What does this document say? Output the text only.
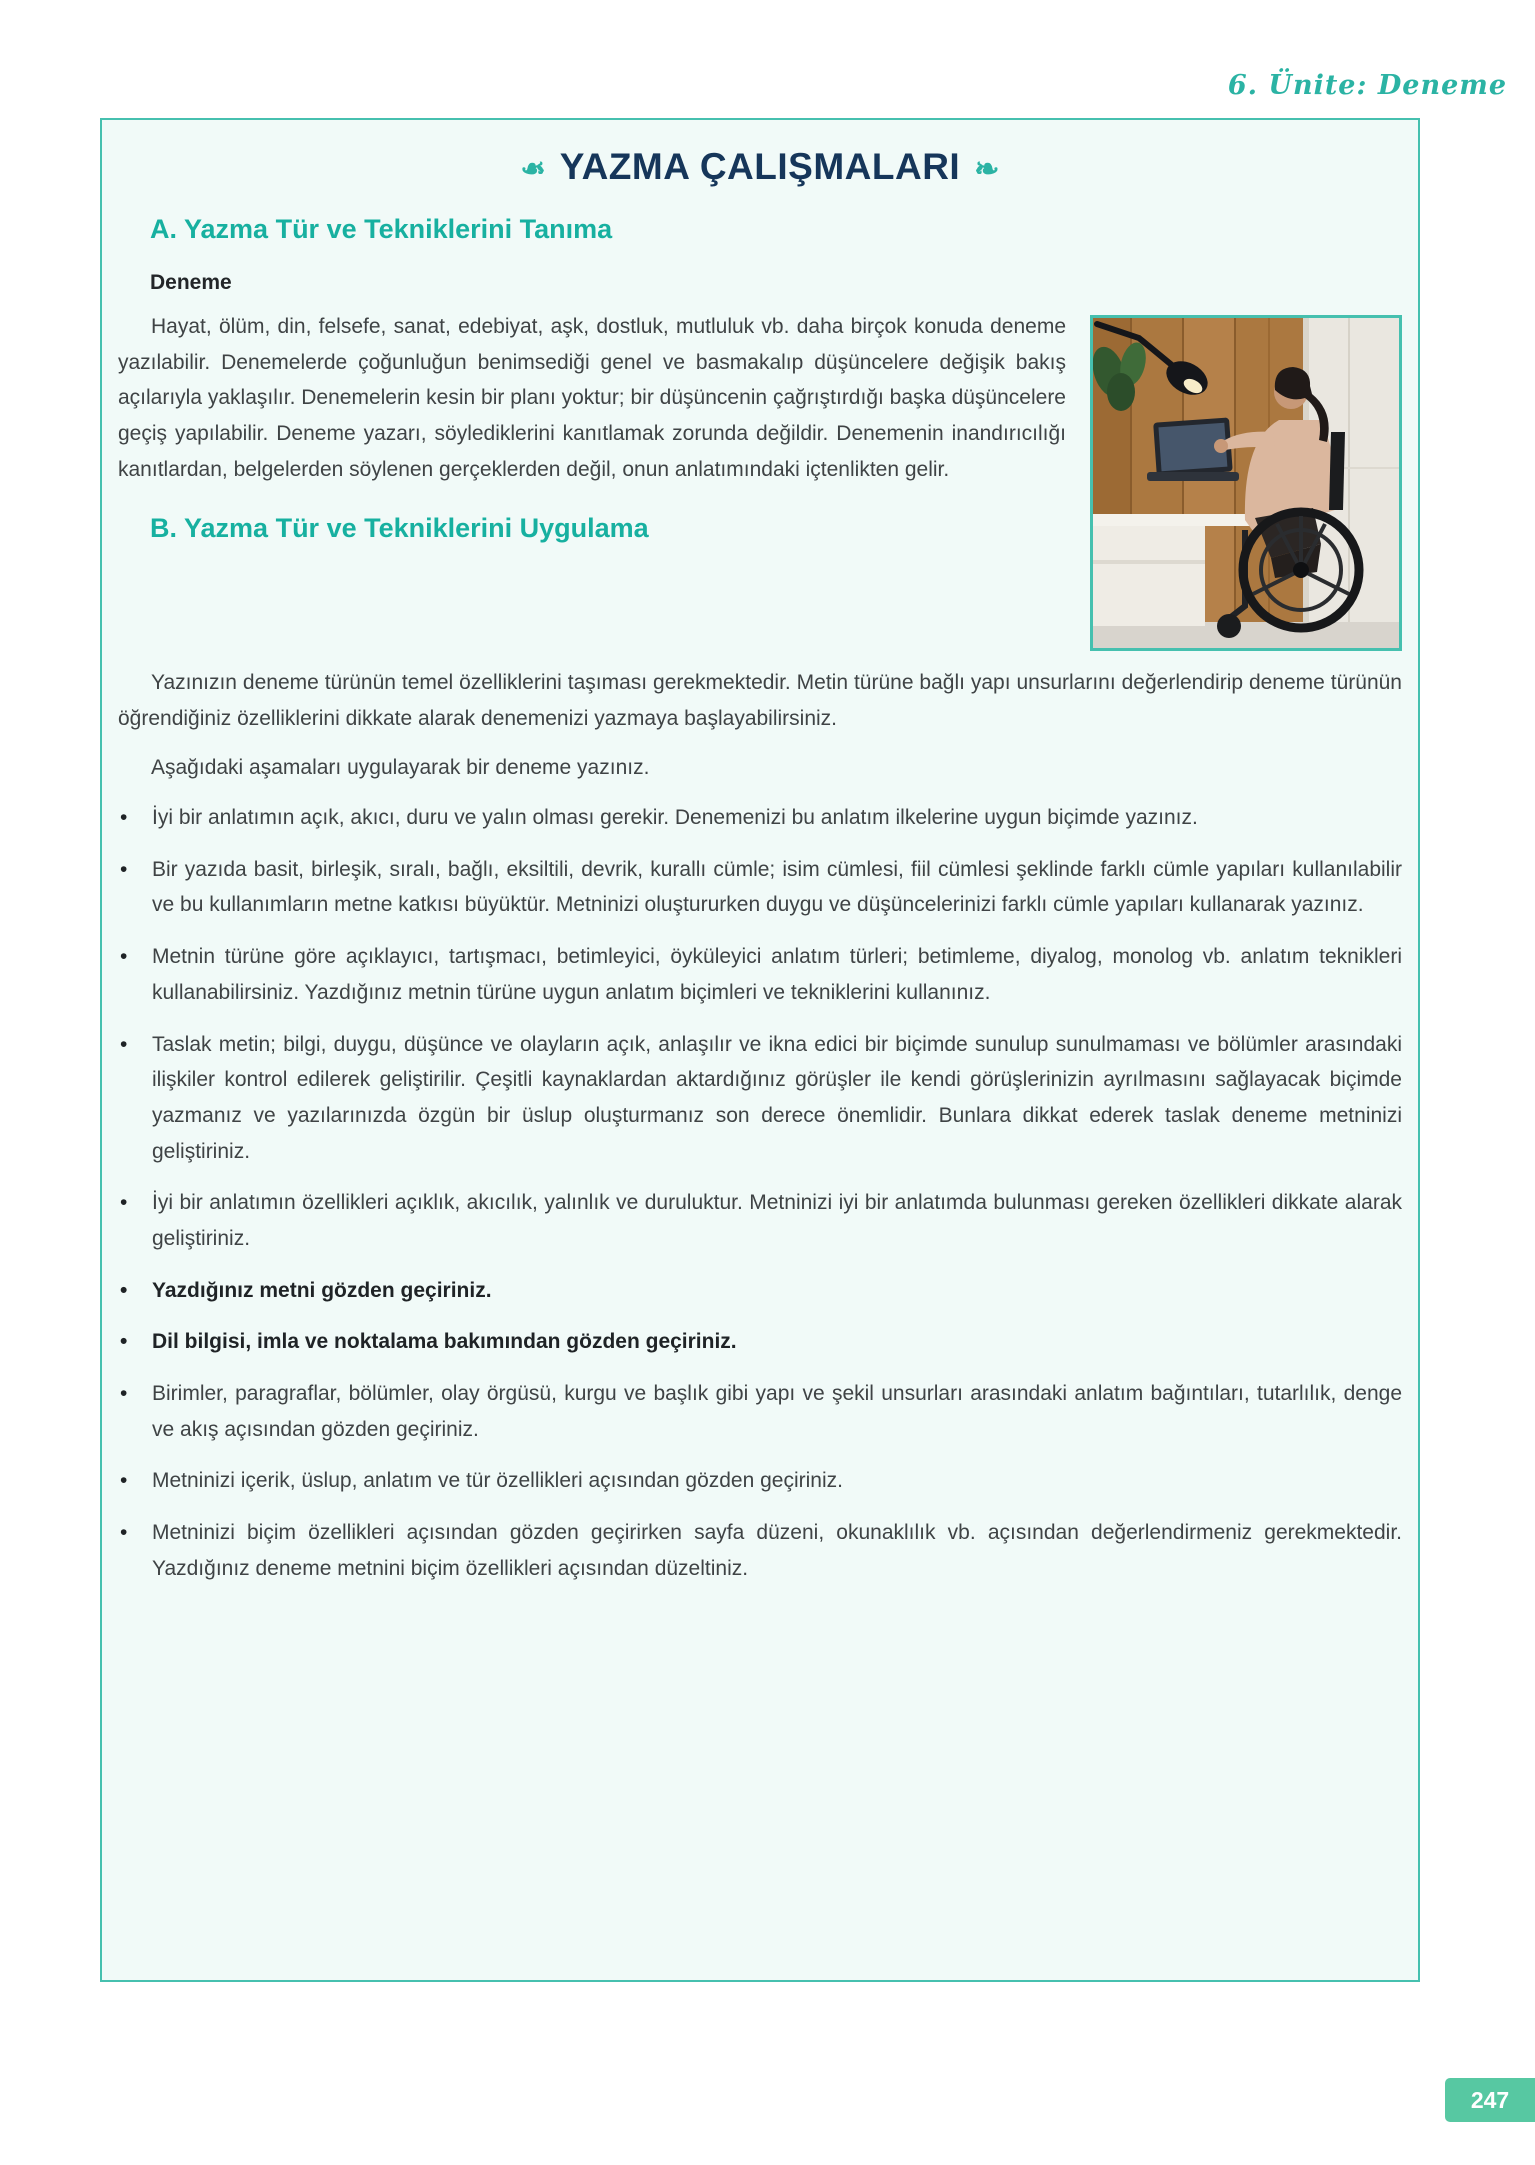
6. Ünite: Deneme
❧ YAZMA ÇALIŞMALARI ❧
A. Yazma Tür ve Tekniklerini Tanıma
Deneme

Hayat, ölüm, din, felsefe, sanat, edebiyat, aşk, dostluk, mutluluk vb. daha birçok konuda deneme yazılabilir. Denemelerde çoğunluğun benimsediği genel ve basmakalıp düşüncelere değişik bakış açılarıyla yaklaşılır. Denemelerin kesin bir planı yoktur; bir düşüncenin çağrıştırdığı başka düşüncelere geçiş yapılabilir. Deneme yazarı, söylediklerini kanıtlamak zorunda değildir. Denemenin inandırıcılığı kanıtlardan, belgelerden söylenen gerçeklerden değil, onun anlatımındaki içtenlikten gelir.

B. Yazma Tür ve Tekniklerini Uygulama

Yazınızın deneme türünün temel özelliklerini taşıması gerekmektedir. Metin türüne bağlı yapı unsurlarını değerlendirip deneme türünün öğrendiğiniz özelliklerini dikkate alarak denemenizi yazmaya başlayabilirsiniz.

Aşağıdaki aşamaları uygulayarak bir deneme yazınız.

• İyi bir anlatımın açık, akıcı, duru ve yalın olması gerekir. Denemenizi bu anlatım ilkelerine uygun biçimde yazınız.
• Bir yazıda basit, birleşik, sıralı, bağlı, eksiltili, devrik, kurallı cümle; isim cümlesi, fiil cümlesi şeklinde farklı cümle yapıları kullanılabilir ve bu kullanımların metne katkısı büyüktür. Metninizi oluştururken duygu ve düşüncelerinizi farklı cümle yapıları kullanarak yazınız.
• Metnin türüne göre açıklayıcı, tartışmacı, betimleyici, öyküleyici anlatım türleri; betimleme, diyalog, monolog vb. anlatım teknikleri kullanabilirsiniz. Yazdığınız metnin türüne uygun anlatım biçimleri ve tekniklerini kullanınız.
• Taslak metin; bilgi, duygu, düşünce ve olayların açık, anlaşılır ve ikna edici bir biçimde sunulup sunulmaması ve bölümler arasındaki ilişkiler kontrol edilerek geliştirilir. Çeşitli kaynaklardan aktardığınız görüşler ile kendi görüşlerinizin ayrılmasını sağlayacak biçimde yazmanız ve yazılarınızda özgün bir üslup oluşturmanız son derece önemlidir. Bunlara dikkat ederek taslak deneme metninizi geliştiriniz.
• İyi bir anlatımın özellikleri açıklık, akıcılık, yalınlık ve duruluktur. Metninizi iyi bir anlatımda bulunması gereken özellikleri dikkate alarak geliştiriniz.
• Yazdığınız metni gözden geçiriniz.
• Dil bilgisi, imla ve noktalama bakımından gözden geçiriniz.
• Birimler, paragraflar, bölümler, olay örgüsü, kurgu ve başlık gibi yapı ve şekil unsurları arasındaki anlatım bağıntıları, tutarlılık, denge ve akış açısından gözden geçiriniz.
• Metninizi içerik, üslup, anlatım ve tür özellikleri açısından gözden geçiriniz.
• Metninizi biçim özellikleri açısından gözden geçirirken sayfa düzeni, okunaklılık vb. açısından değerlendirmeniz gerekmektedir. Yazdığınız deneme metnini biçim özellikleri açısından düzeltiniz.
247
